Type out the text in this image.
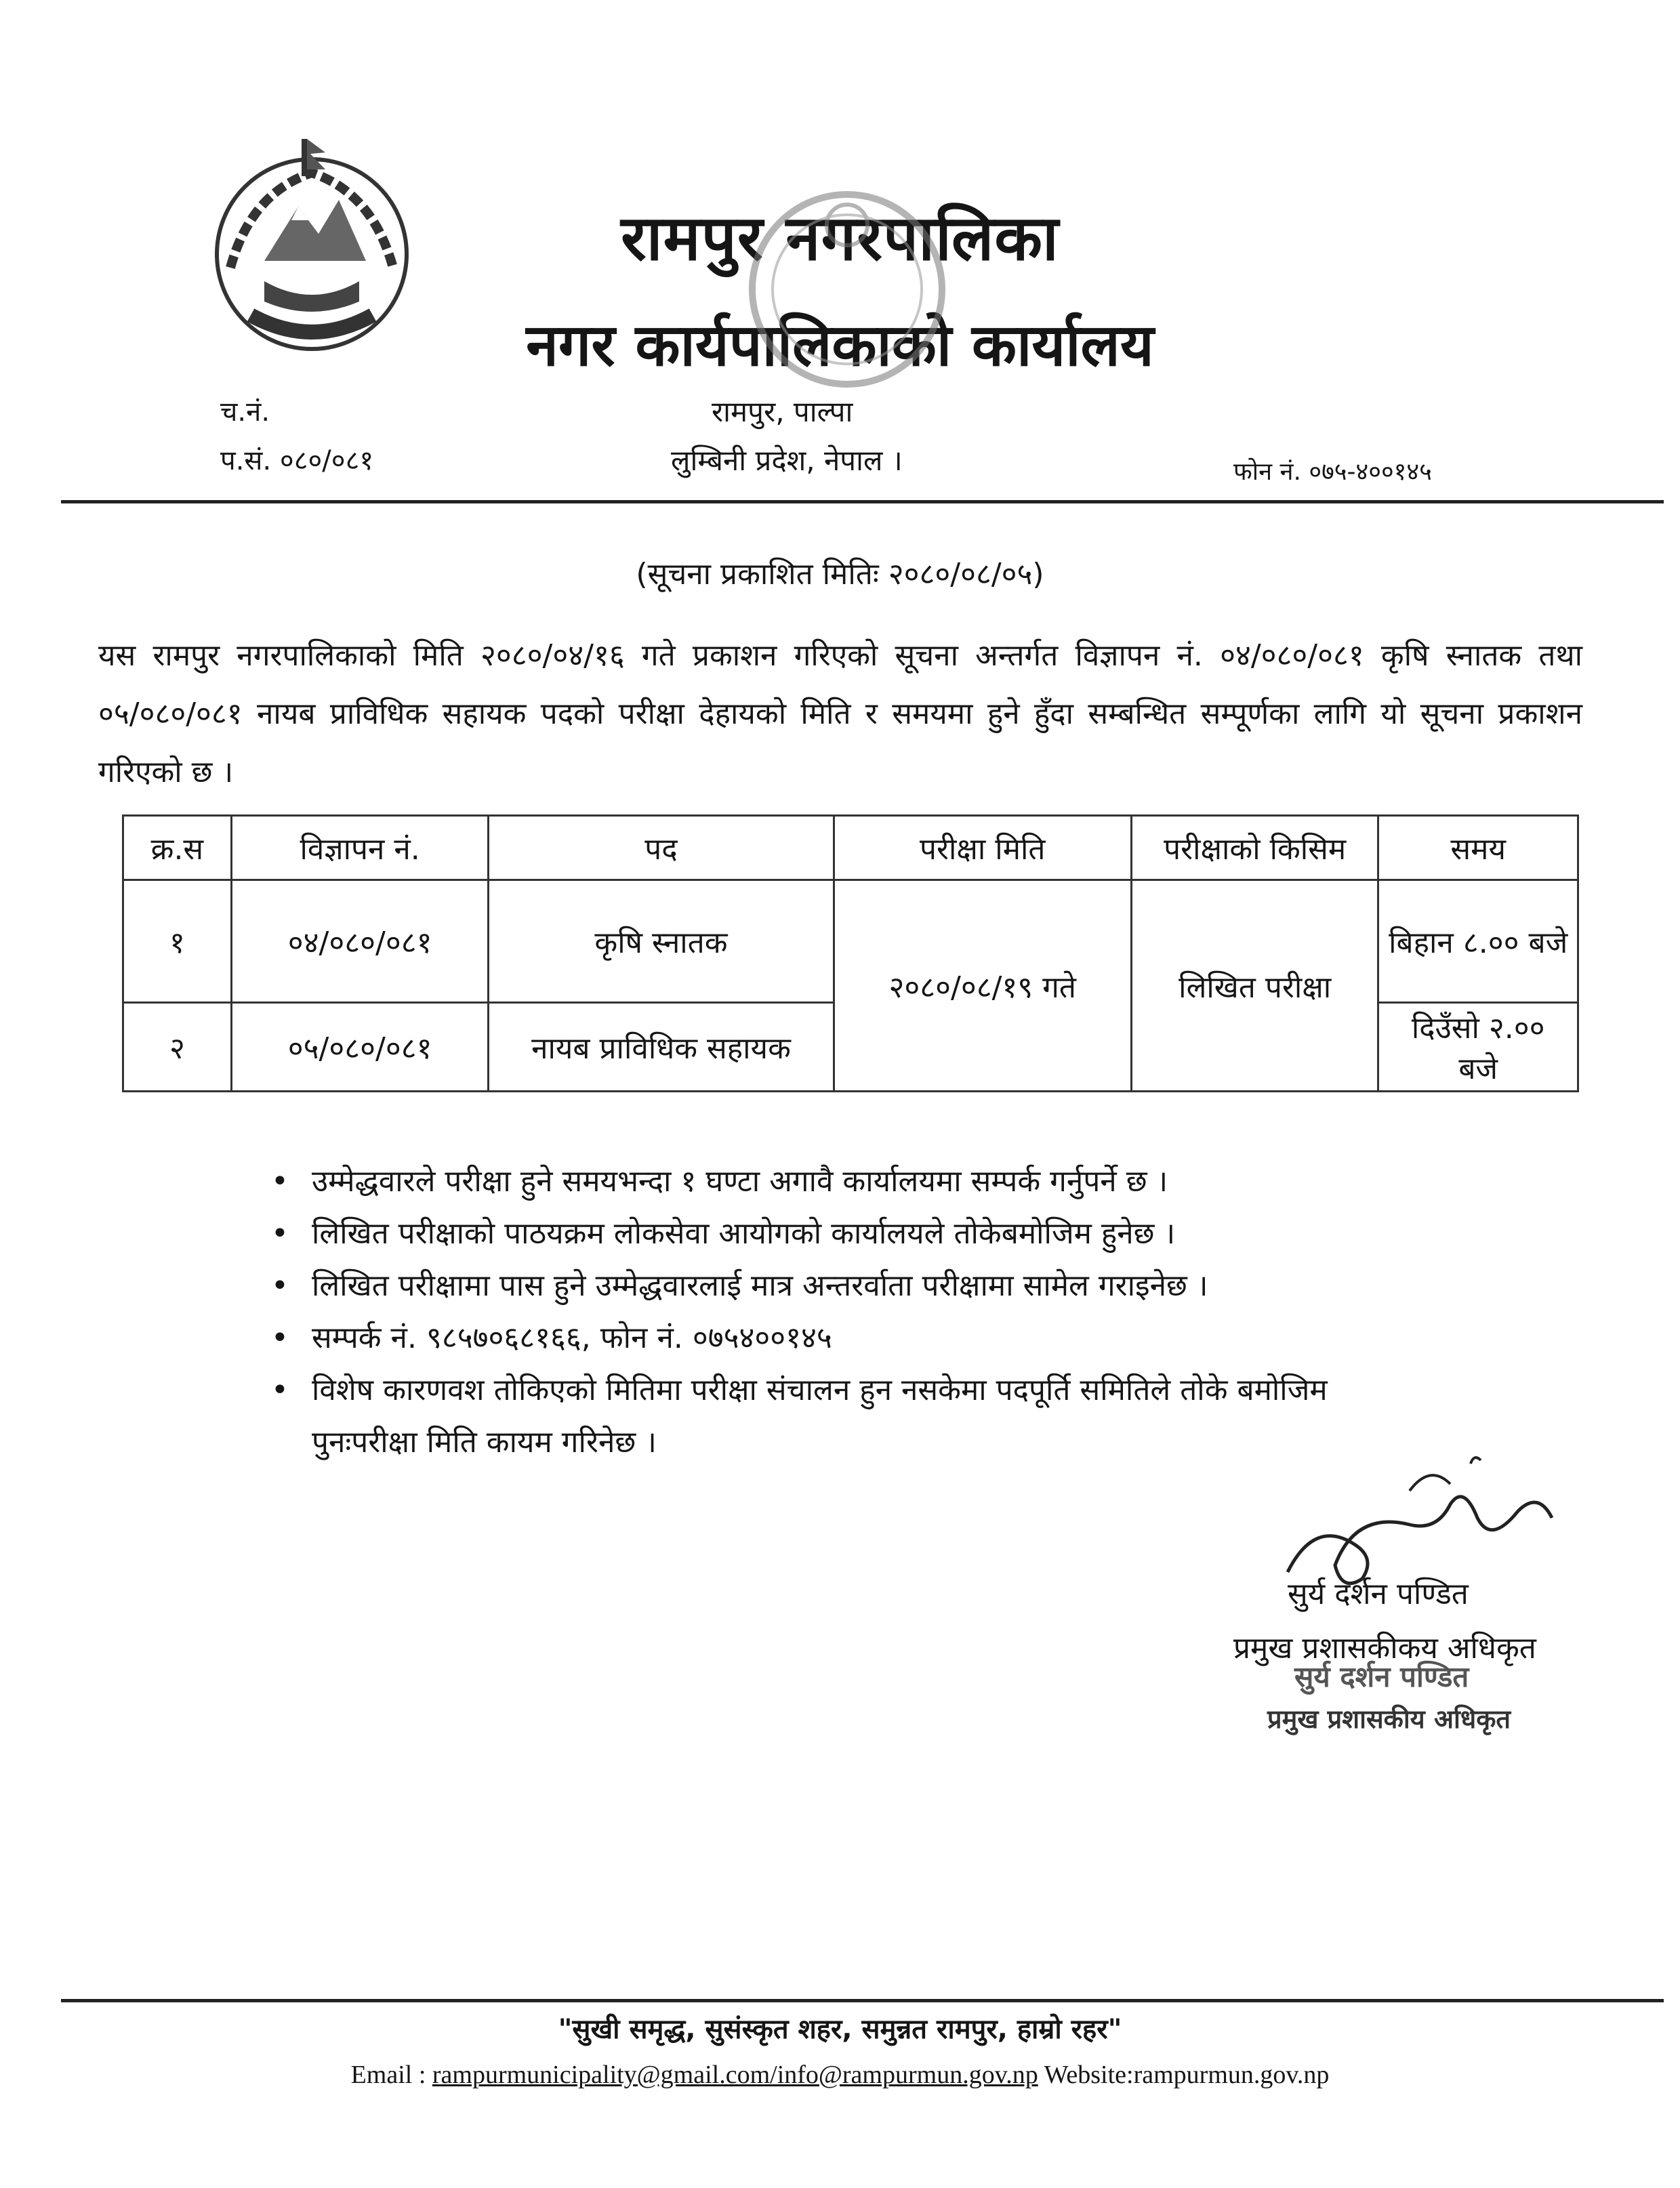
रामपुर नगरपालिका
नगर कार्यपालिकाको कार्यालय
च.नं.
प.सं. ०८०/०८१
रामपुर, पाल्पा
लुम्बिनी प्रदेश, नेपाल ।	फोन नं. ०७५-४००१४५
(सूचना प्रकाशित मितिः २०८०/०८/०५)
यस रामपुर नगरपालिकाको मिति २०८०/०४/१६ गते प्रकाशन गरिएको सूचना अन्तर्गत विज्ञापन नं. ०४/०८०/०८१ कृषि स्नातक तथा ०५/०८०/०८१ नायब प्राविधिक सहायक पदको परीक्षा देहायको मिति र समयमा हुने हुँदा सम्बन्धित सम्पूर्णका लागि यो सूचना प्रकाशन गरिएको छ ।
क्र.स	विज्ञापन नं.	पद	परीक्षा मिति	परीक्षाको किसिम	समय
१	०४/०८०/०८१	कृषि स्नातक	२०८०/०८/१९ गते	लिखित परीक्षा	बिहान ८.०० बजे
२	०५/०८०/०८१	नायब प्राविधिक सहायक			दिउँसो २.०० बजे
• उम्मेद्धवारले परीक्षा हुने समयभन्दा १ घण्टा अगावै कार्यालयमा सम्पर्क गर्नुपर्ने छ ।
• लिखित परीक्षाको पाठयक्रम लोकसेवा आयोगको कार्यालयले तोकेबमोजिम हुनेछ ।
• लिखित परीक्षामा पास हुने उम्मेद्धवारलाई मात्र अन्तरर्वाता परीक्षामा सामेल गराइनेछ ।
• सम्पर्क नं. ९८५७०६८१६६, फोन नं. ०७५४००१४५
• विशेष कारणवश तोकिएको मितिमा परीक्षा संचालन हुन नसकेमा पदपूर्ति समितिले तोके बमोजिम पुनःपरीक्षा मिति कायम गरिनेछ ।
सुर्य दर्शन पण्डित
प्रमुख प्रशासकीकय अधिकृत
सुर्य दर्शन पण्डित
प्रमुख प्रशासकीय अधिकृत
"सुखी समृद्ध, सुसंस्कृत शहर, समुन्नत रामपुर, हाम्रो रहर"
Email : rampurmunicipality@gmail.com/info@rampurmun.gov.np Website:rampurmun.gov.np
